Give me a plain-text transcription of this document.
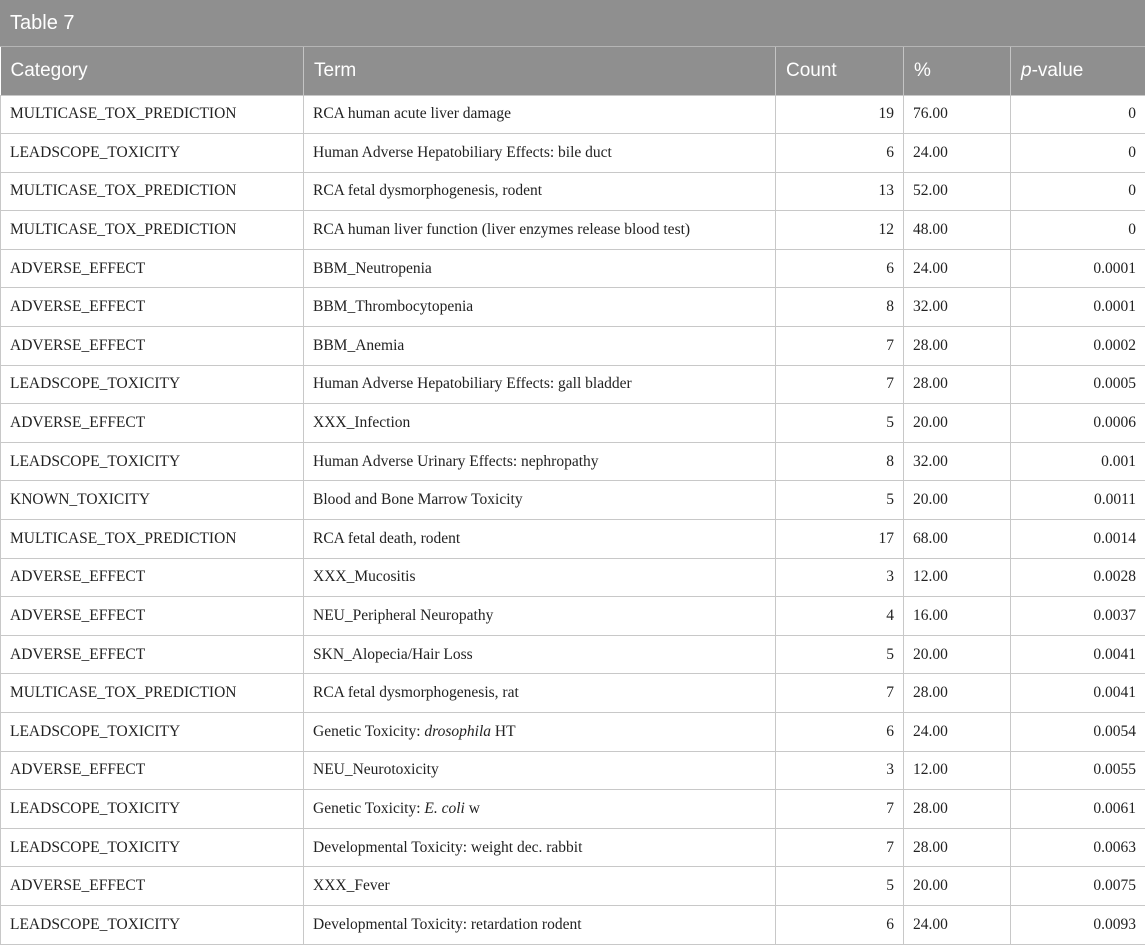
Table 7
Category	Term	Count	%	p-value
MULTICASE_TOX_PREDICTION	RCA human acute liver damage	19	76.00	0
LEADSCOPE_TOXICITY	Human Adverse Hepatobiliary Effects: bile duct	6	24.00	0
MULTICASE_TOX_PREDICTION	RCA fetal dysmorphogenesis, rodent	13	52.00	0
MULTICASE_TOX_PREDICTION	RCA human liver function (liver enzymes release blood test)	12	48.00	0
ADVERSE_EFFECT	BBM_Neutropenia	6	24.00	0.0001
ADVERSE_EFFECT	BBM_Thrombocytopenia	8	32.00	0.0001
ADVERSE_EFFECT	BBM_Anemia	7	28.00	0.0002
LEADSCOPE_TOXICITY	Human Adverse Hepatobiliary Effects: gall bladder	7	28.00	0.0005
ADVERSE_EFFECT	XXX_Infection	5	20.00	0.0006
LEADSCOPE_TOXICITY	Human Adverse Urinary Effects: nephropathy	8	32.00	0.001
KNOWN_TOXICITY	Blood and Bone Marrow Toxicity	5	20.00	0.0011
MULTICASE_TOX_PREDICTION	RCA fetal death, rodent	17	68.00	0.0014
ADVERSE_EFFECT	XXX_Mucositis	3	12.00	0.0028
ADVERSE_EFFECT	NEU_Peripheral Neuropathy	4	16.00	0.0037
ADVERSE_EFFECT	SKN_Alopecia/Hair Loss	5	20.00	0.0041
MULTICASE_TOX_PREDICTION	RCA fetal dysmorphogenesis, rat	7	28.00	0.0041
LEADSCOPE_TOXICITY	Genetic Toxicity: drosophila HT	6	24.00	0.0054
ADVERSE_EFFECT	NEU_Neurotoxicity	3	12.00	0.0055
LEADSCOPE_TOXICITY	Genetic Toxicity: E. coli w	7	28.00	0.0061
LEADSCOPE_TOXICITY	Developmental Toxicity: weight dec. rabbit	7	28.00	0.0063
ADVERSE_EFFECT	XXX_Fever	5	20.00	0.0075
LEADSCOPE_TOXICITY	Developmental Toxicity: retardation rodent	6	24.00	0.0093
